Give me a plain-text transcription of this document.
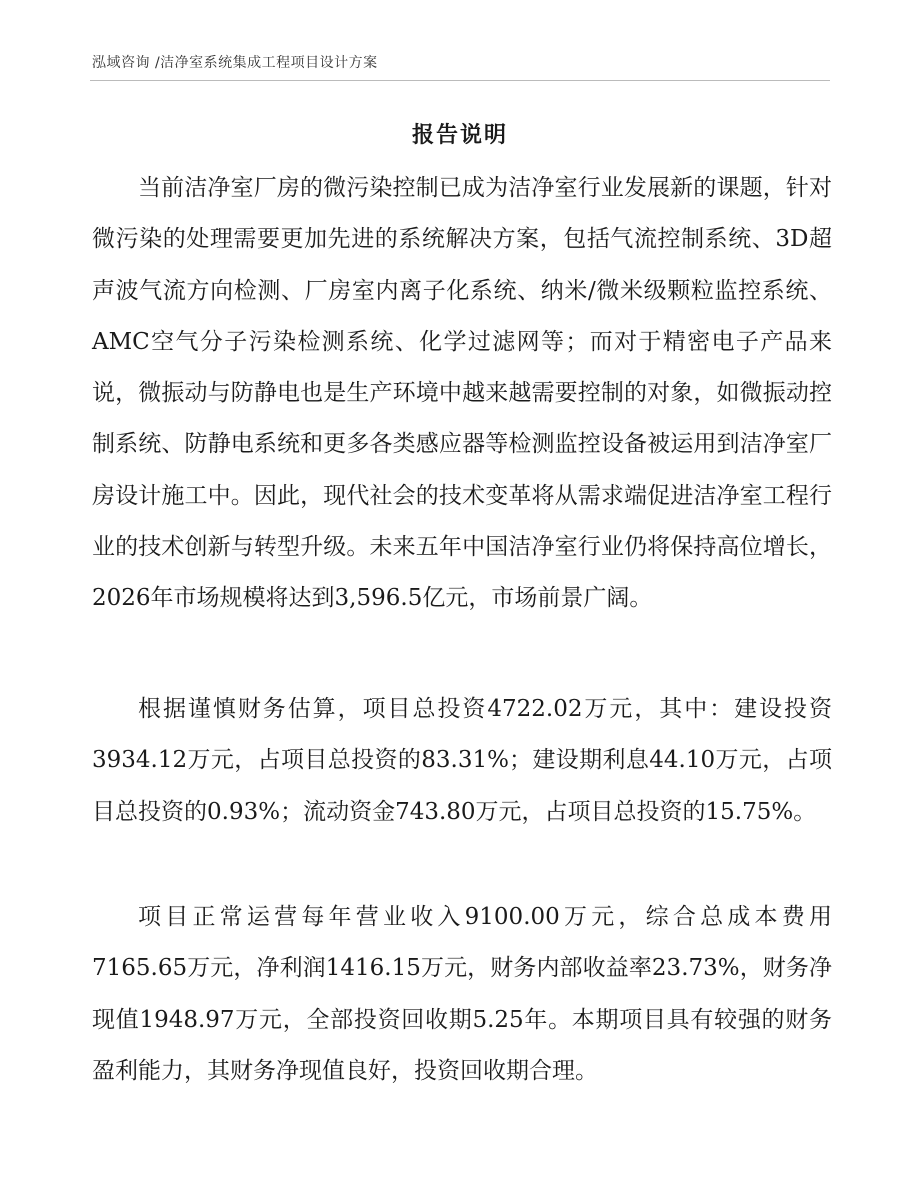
泓域咨询 /洁净室系统集成工程项目设计方案
报告说明
当前洁净室厂房的微污染控制已成为洁净室行业发展新的课题，针对微污染的处理需要更加先进的系统解决方案，包括气流控制系统、3D超声波气流方向检测、厂房室内离子化系统、纳米/微米级颗粒监控系统、AMC空气分子污染检测系统、化学过滤网等；而对于精密电子产品来说，微振动与防静电也是生产环境中越来越需要控制的对象，如微振动控制系统、防静电系统和更多各类感应器等检测监控设备被运用到洁净室厂房设计施工中。因此，现代社会的技术变革将从需求端促进洁净室工程行业的技术创新与转型升级。未来五年中国洁净室行业仍将保持高位增长，2026年市场规模将达到3,596.5亿元，市场前景广阔。
根据谨慎财务估算，项目总投资4722.02万元，其中：建设投资3934.12万元，占项目总投资的83.31%；建设期利息44.10万元，占项目总投资的0.93%；流动资金743.80万元，占项目总投资的15.75%。
项目正常运营每年营业收入9100.00万元，综合总成本费用7165.65万元，净利润1416.15万元，财务内部收益率23.73%，财务净现值1948.97万元，全部投资回收期5.25年。本期项目具有较强的财务盈利能力，其财务净现值良好，投资回收期合理。
